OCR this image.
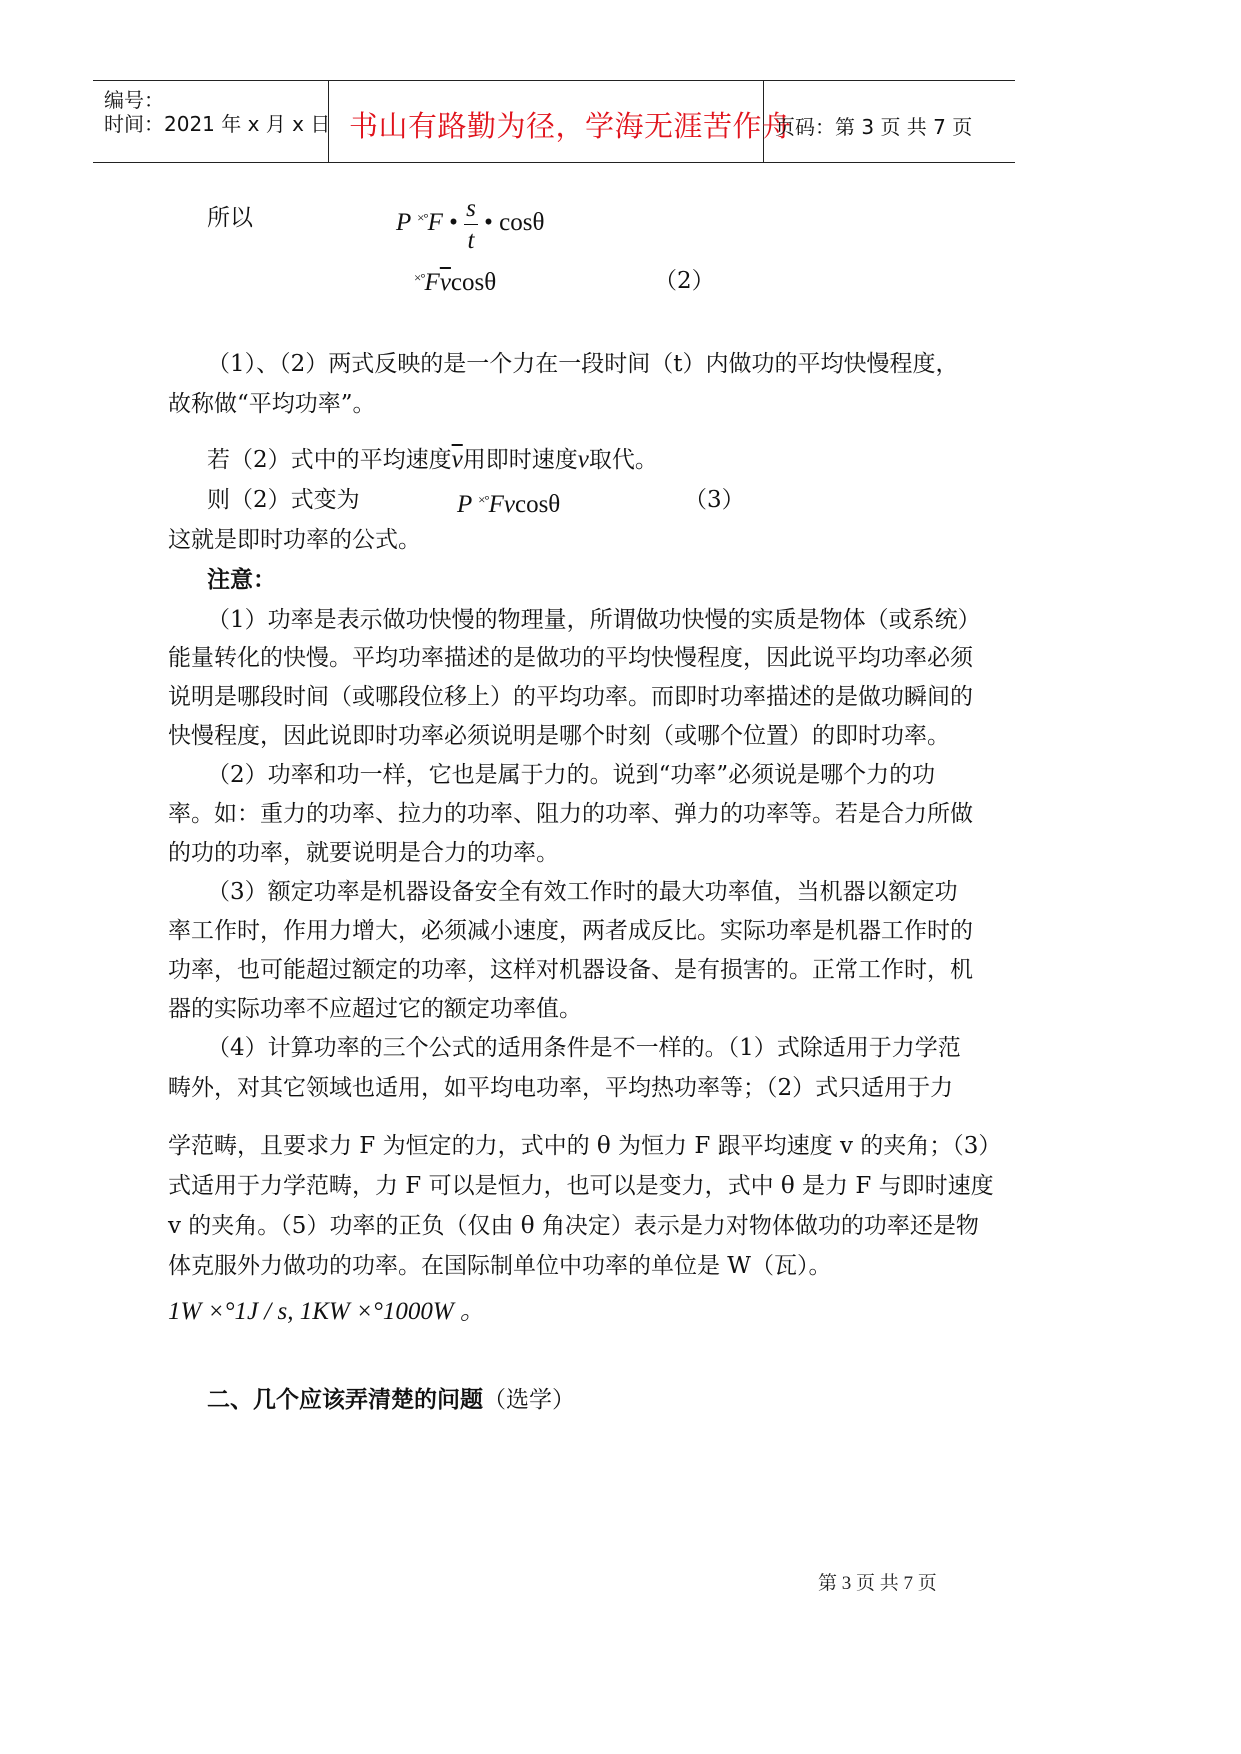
编号：
时间：2021 年 x 月 x 日 书山有路勤为径，学海无涯苦作舟
页码：第 3 页 共 7 页
所以	P ×°F • $\frac{s}{t}$ • cosθ
$^{\times^\circ}F\overline{v}\cos\theta$	（2）
（1）、（2）两式反映的是一个力在一段时间（t）内做功的平均快慢程度，
故称做“平均功率”。
若（2）式中的平均速度$\overline{v}$用即时速度v取代。
则（2）式变为	P ×°Fvcosθ	（3）
这就是即时功率的公式。
注意：
（1）功率是表示做功快慢的物理量，所谓做功快慢的实质是物体（或系统）
能量转化的快慢。平均功率描述的是做功的平均快慢程度，因此说平均功率必须
说明是哪段时间（或哪段位移上）的平均功率。而即时功率描述的是做功瞬间的
快慢程度，因此说即时功率必须说明是哪个时刻（或哪个位置）的即时功率。
（2）功率和功一样，它也是属于力的。说到“功率”必须说是哪个力的功
率。如：重力的功率、拉力的功率、阻力的功率、弹力的功率等。若是合力所做
的功的功率，就要说明是合力的功率。
（3）额定功率是机器设备安全有效工作时的最大功率值，当机器以额定功
率工作时，作用力增大，必须减小速度，两者成反比。实际功率是机器工作时的
功率，也可能超过额定的功率，这样对机器设备、是有损害的。正常工作时，机
器的实际功率不应超过它的额定功率值。
（4）计算功率的三个公式的适用条件是不一样的。（1）式除适用于力学范
畴外，对其它领域也适用，如平均电功率，平均热功率等；（2）式只适用于力
学范畴，且要求力 F 为恒定的力，式中的 θ 为恒力 F 跟平均速度 v 的夹角；（3）
式适用于力学范畴，力 F 可以是恒力，也可以是变力，式中 θ 是力 F 与即时速度
v 的夹角。（5）功率的正负（仅由 θ 角决定）表示是力对物体做功的功率还是物
体克服外力做功的功率。在国际制单位中功率的单位是 W（瓦）。
1W ×°1J / s, 1KW ×°1000W 。
二、几个应该弄清楚的问题（选学）
第 3 页 共 7 页
